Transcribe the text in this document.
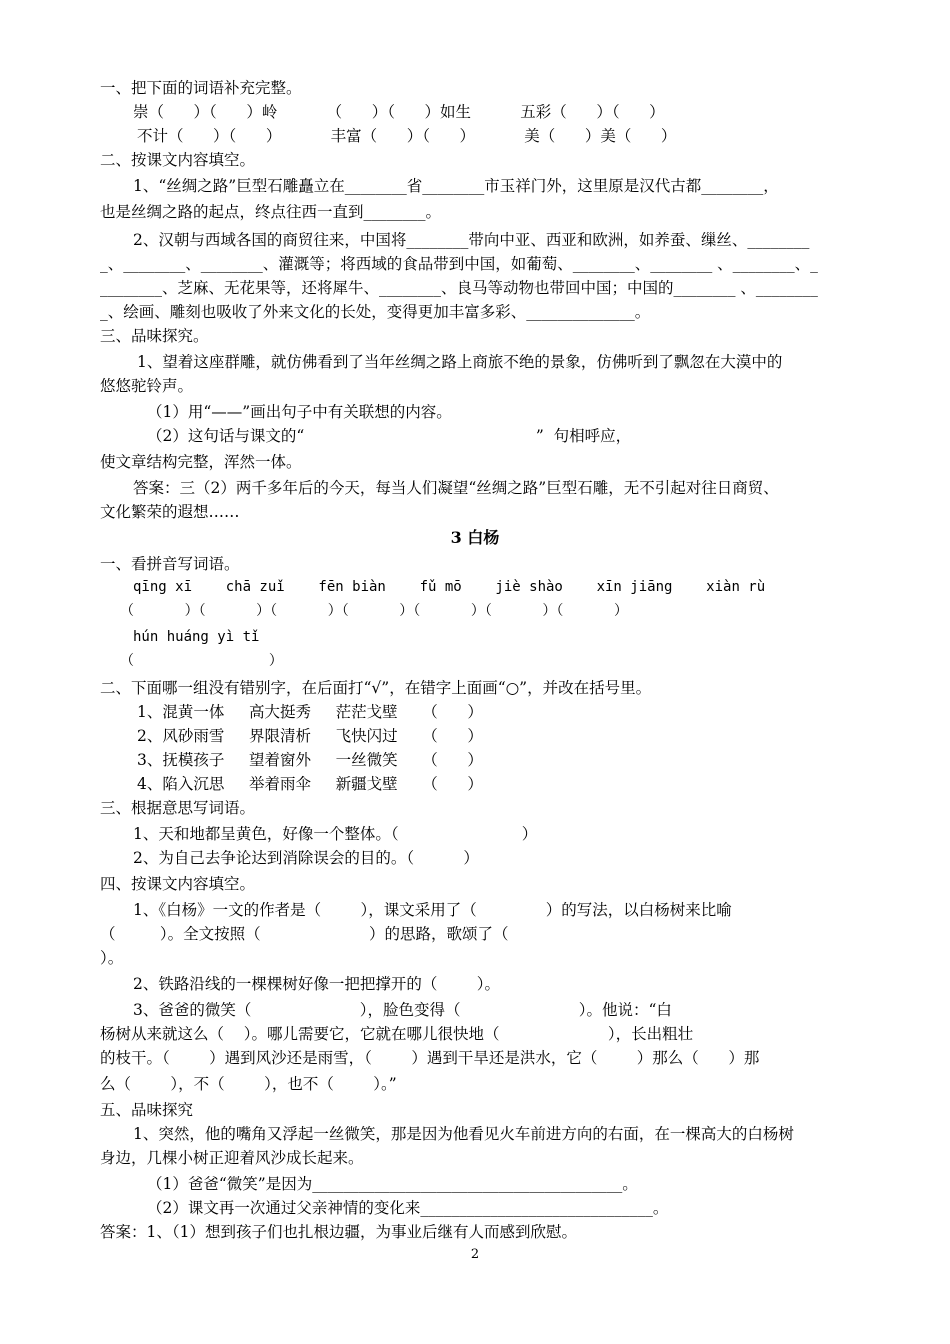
一、把下面的词语补充完整。
崇（      ）（      ）岭          （      ）（      ）如生          五彩（      ）（      ）
不计（      ）（      ）          丰富（      ）（      ）          美（      ）美（      ）
二、按课文内容填空。
1、“丝绸之路”巨型石雕矗立在________省________市玉祥门外，这里原是汉代古都________，
也是丝绸之路的起点，终点往西一直到________。
2、汉朝与西域各国的商贸往来，中国将________带向中亚、西亚和欧洲，如养蚕、缫丝、________
_、________、________、灌溉等；将西域的食品带到中国，如葡萄、________、________ 、________、_
________、芝麻、无花果等，还将犀牛、________、良马等动物也带回中国；中国的________ 、________
_、绘画、雕刻也吸收了外来文化的长处，变得更加丰富多彩、______________。
三、品味探究。
1、望着这座群雕，就仿佛看到了当年丝绸之路上商旅不绝的景象，仿佛听到了飘忽在大漠中的
悠悠驼铃声。
（1）用“——”画出句子中有关联想的内容。
（2）这句话与课文的“                                               ”  句相呼应，
使文章结构完整，浑然一体。
答案：三（2）两千多年后的今天，每当人们凝望“丝绸之路”巨型石雕，无不引起对往日商贸、
文化繁荣的遐想……
3 白杨
一、看拼音写词语。
qīng xī    chā zuǐ    fēn biàn    fǔ mō    jiè shào    xīn jiāng    xiàn rù
（      ）（      ）（      ）（      ）（      ）（      ）（      ）
hún huáng yì tǐ
（                ）
二、下面哪一组没有错别字，在后面打“√”，在错字上面画“○”，并改在括号里。
1、混黄一体     高大挺秀     茫茫戈壁     （      ）
2、风砂雨雪     界限清析     飞快闪过     （      ）
3、抚模孩子     望着窗外     一丝微笑     （      ）
4、陷入沉思     举着雨伞     新疆戈壁     （      ）
三、根据意思写词语。
1、天和地都呈黄色，好像一个整体。（                         ）
2、为自己去争论达到消除误会的目的。（          ）
四、按课文内容填空。
1、《白杨》一文的作者是（        ），课文采用了（              ）的写法，以白杨树来比喻
（         ）。全文按照（                      ）的思路，歌颂了（
）。
2、铁路沿线的一棵棵树好像一把把撑开的（        ）。
3、爸爸的微笑（                      ），脸色变得（                        ）。他说：“白
杨树从来就这么（    ）。哪儿需要它，它就在哪儿很快地（                      ），长出粗壮
的枝干。（        ）遇到风沙还是雨雪，（        ）遇到干旱还是洪水，它（        ）那么（      ）那
么（        ），不（        ），也不（        ）。”
五、品味探究
1、突然，他的嘴角又浮起一丝微笑，那是因为他看见火车前进方向的右面，在一棵高大的白杨树
身边，几棵小树正迎着风沙成长起来。
（1）爸爸“微笑”是因为________________________________________。
（2）课文再一次通过父亲神情的变化来______________________________。
答案：1、（1）想到孩子们也扎根边疆，为事业后继有人而感到欣慰。
2
